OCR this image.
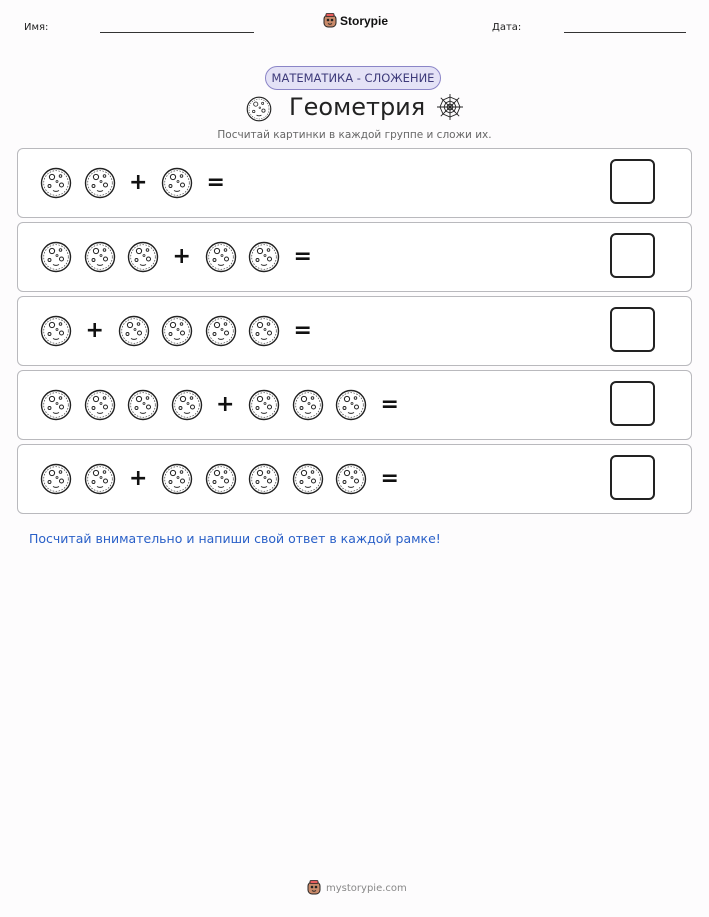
Имя:	Storypie	Дата:
МАТЕМАТИКА - СЛОЖЕНИЕ
Геометрия
Посчитай картинки в каждой группе и сложи их.
+	=
+	=
+	=
+	=
+	=
Посчитай внимательно и напиши свой ответ в каждой рамке!
mystorypie.com
